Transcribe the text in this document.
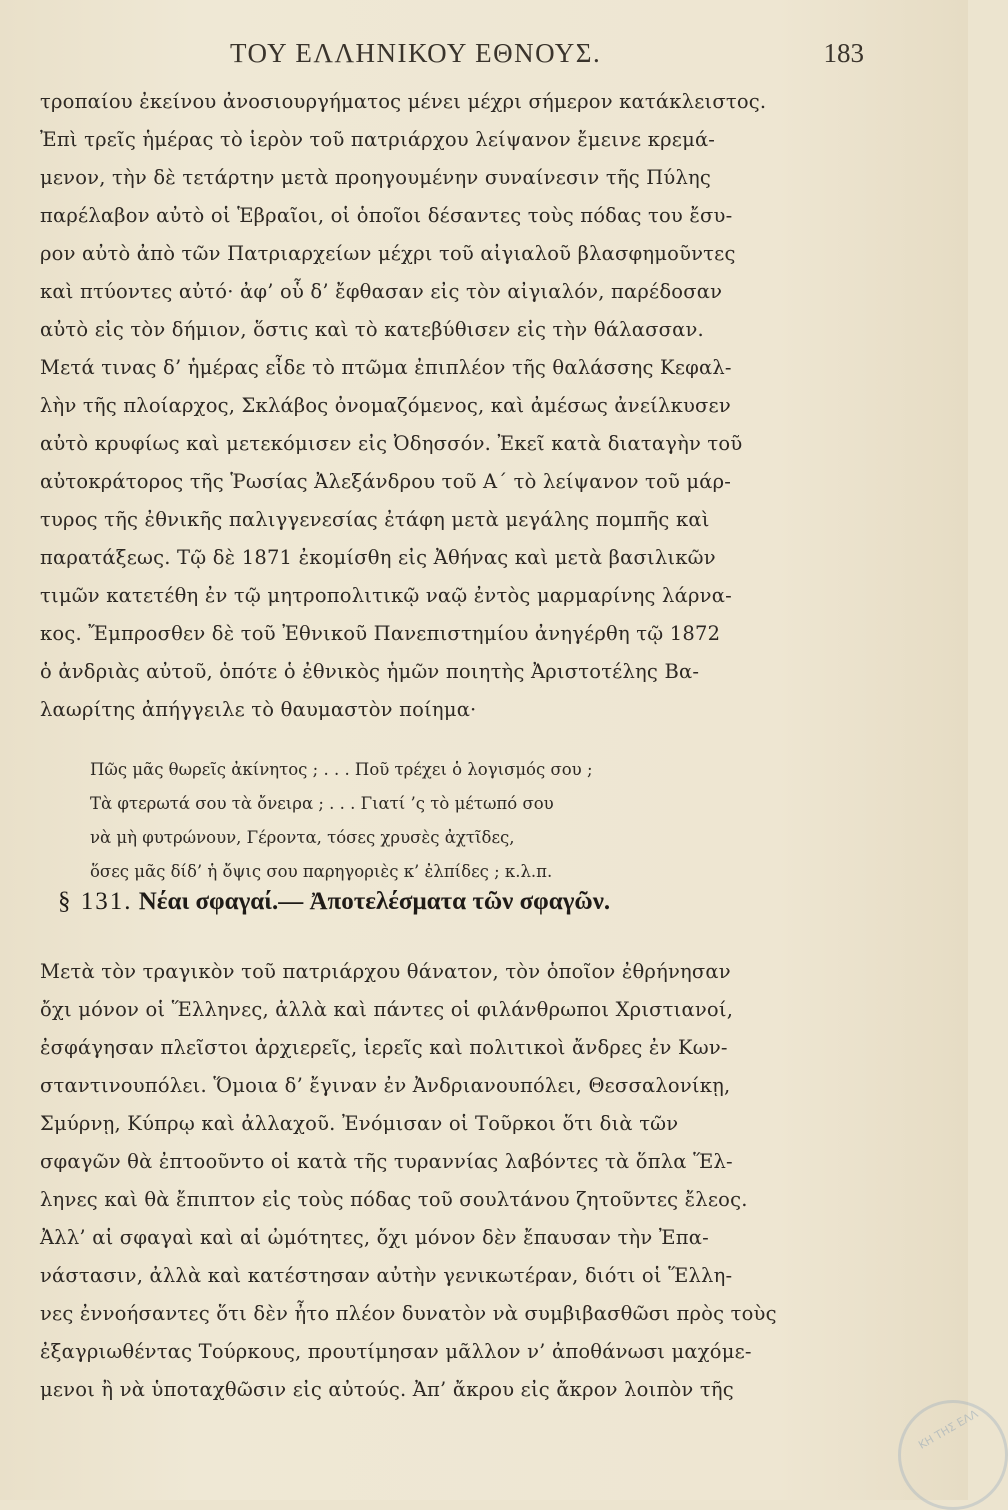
ΤΟΥ ΕΛΛΗΝΙΚΟΥ ΕΘΝΟΥΣ.	183
τροπαίου ἐκείνου ἀνοσιουργήματος μένει μέχρι σήμερον κατάκλειστος.
Ἐπὶ τρεῖς ἡμέρας τὸ ἱερὸν τοῦ πατριάρχου λείψανον ἔμεινε κρεμά-
μενον, τὴν δὲ τετάρτην μετὰ προηγουμένην συναίνεσιν τῆς Πύλης
παρέλαβον αὐτὸ οἱ Ἑβραῖοι, οἱ ὁποῖοι δέσαντες τοὺς πόδας του ἔσυ-
ρον αὐτὸ ἀπὸ τῶν Πατριαρχείων μέχρι τοῦ αἰγιαλοῦ βλασφημοῦντες
καὶ πτύοντες αὐτό· ἀφ’ οὗ δ’ ἔφθασαν εἰς τὸν αἰγιαλόν, παρέδοσαν
αὐτὸ εἰς τὸν δήμιον, ὅστις καὶ τὸ κατεβύθισεν εἰς τὴν θάλασσαν.
Μετά τινας δ’ ἡμέρας εἶδε τὸ πτῶμα ἐπιπλέον τῆς θαλάσσης Κεφαλ-
λὴν τῆς πλοίαρχος, Σκλάβος ὀνομαζόμενος, καὶ ἀμέσως ἀνείλκυσεν
αὐτὸ κρυφίως καὶ μετεκόμισεν εἰς Ὀδησσόν. Ἐκεῖ κατὰ διαταγὴν τοῦ
αὐτοκράτορος τῆς Ῥωσίας Ἀλεξάνδρου τοῦ Α΄ τὸ λείψανον τοῦ μάρ-
τυρος τῆς ἐθνικῆς παλιγγενεσίας ἐτάφη μετὰ μεγάλης πομπῆς καὶ
παρατάξεως. Τῷ δὲ 1871 ἐκομίσθη εἰς Ἀθήνας καὶ μετὰ βασιλικῶν
τιμῶν κατετέθη ἐν τῷ μητροπολιτικῷ ναῷ ἐντὸς μαρμαρίνης λάρνα-
κος. Ἔμπροσθεν δὲ τοῦ Ἐθνικοῦ Πανεπιστημίου ἀνηγέρθη τῷ 1872
ὁ ἀνδριὰς αὐτοῦ, ὁπότε ὁ ἐθνικὸς ἡμῶν ποιητὴς Ἀριστοτέλης Βα-
λαωρίτης ἀπήγγειλε τὸ θαυμαστὸν ποίημα·
Πῶς μᾶς θωρεῖς ἀκίνητος ; . . . Ποῦ τρέχει ὁ λογισμός σου ;
Τὰ φτερωτά σου τὰ ὄνειρα ; . . . Γιατί ’ς τὸ μέτωπό σου
νὰ μὴ φυτρώνουν, Γέροντα, τόσες χρυσὲς ἀχτῖδες,
ὅσες μᾶς δίδ’ ἡ ὄψις σου παρηγοριὲς κ’ ἐλπίδες ; κ.λ.π.
§ 131. Νέαι σφαγαί.— Ἀποτελέσματα τῶν σφαγῶν.
Μετὰ τὸν τραγικὸν τοῦ πατριάρχου θάνατον, τὸν ὁποῖον ἐθρήνησαν
ὄχι μόνον οἱ Ἕλληνες, ἀλλὰ καὶ πάντες οἱ φιλάνθρωποι Χριστιανοί,
ἐσφάγησαν πλεῖστοι ἀρχιερεῖς, ἱερεῖς καὶ πολιτικοὶ ἄνδρες ἐν Κων-
σταντινουπόλει. Ὅμοια δ’ ἔγιναν ἐν Ἀνδριανουπόλει, Θεσσαλονίκῃ,
Σμύρνῃ, Κύπρῳ καὶ ἀλλαχοῦ. Ἐνόμισαν οἱ Τοῦρκοι ὅτι διὰ τῶν
σφαγῶν θὰ ἐπτοοῦντο οἱ κατὰ τῆς τυραννίας λαβόντες τὰ ὅπλα Ἕλ-
ληνες καὶ θὰ ἔπιπτον εἰς τοὺς πόδας τοῦ σουλτάνου ζητοῦντες ἔλεος.
Ἀλλ’ αἱ σφαγαὶ καὶ αἱ ὠμότητες, ὄχι μόνον δὲν ἔπαυσαν τὴν Ἐπα-
νάστασιν, ἀλλὰ καὶ κατέστησαν αὐτὴν γενικωτέραν, διότι οἱ Ἕλλη-
νες ἐννοήσαντες ὅτι δὲν ἦτο πλέον δυνατὸν νὰ συμβιβασθῶσι πρὸς τοὺς
ἐξαγριωθέντας Τούρκους, προυτίμησαν μᾶλλον ν’ ἀποθάνωσι μαχόμε-
μενοι ἢ νὰ ὑποταχθῶσιν εἰς αὐτούς. Ἀπ’ ἄκρου εἰς ἄκρον λοιπὸν τῆς
ΚΗ ΤΗΣ ΕΛΛ
